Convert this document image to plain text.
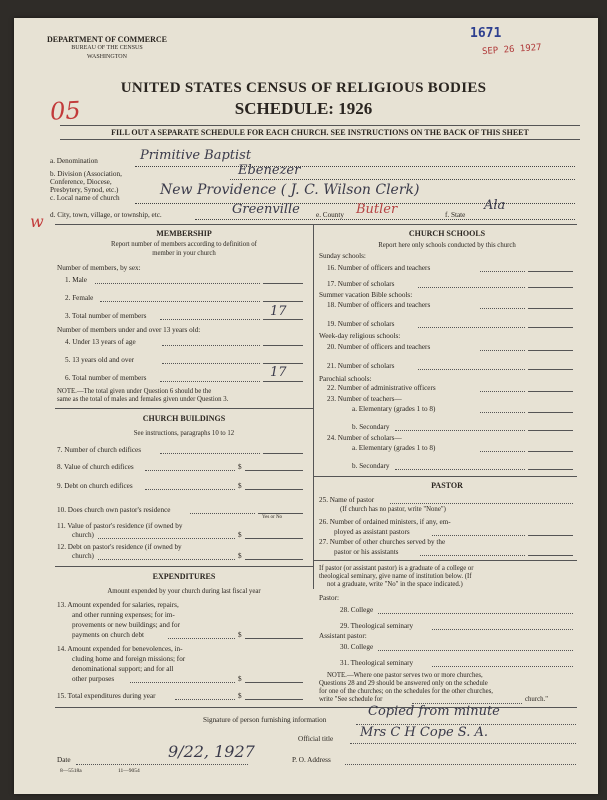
DEPARTMENT OF COMMERCE
BUREAU OF THE CENSUS
WASHINGTON
1671
SEP 26 1927
UNITED STATES CENSUS OF RELIGIOUS BODIES
SCHEDULE: 1926
05
FILL OUT A SEPARATE SCHEDULE FOR EACH CHURCH. SEE INSTRUCTIONS ON THE BACK OF THIS SHEET
a. Denomination	Primitive Baptist
b. Division (Association, Conference, Diocese, Presbytery, Synod, etc.)
Ebenezer
c. Local name of church	New Providence ( J. C. Wilson Clerk)
d. City, town, village, or township, etc.	Greenville e. County Butler	f. State
Ala
w
MEMBERSHIP
Report number of members according to definition of
member in your church
Number of members, by sex:
1. Male
2. Female
3. Total number of members	17
Number of members under and over 13 years old:
4. Under 13 years of age
5. 13 years old and over
6. Total number of members	17
NOTE.—The total given under Question 6 should be the
same as the total of males and females given under Question 3.
CHURCH BUILDINGS
See instructions, paragraphs 10 to 12
7. Number of church edifices
8. Value of church edifices	$
9. Debt on church edifices	$
10. Does church own pastor's residence
Yes or No
11. Value of pastor's residence (if owned by
church)	$
12. Debt on pastor's residence (if owned by
church)	$
EXPENDITURES
Amount expended by your church during last fiscal year
13. Amount expended for salaries, repairs,
and other running expenses; for im-
provements or new buildings; and for
payments on church debt	$
14. Amount expended for benevolences, in-
cluding home and foreign missions; for
denominational support; and for all
other purposes	$
15. Total expenditures during year	$
CHURCH SCHOOLS
Report here only schools conducted by this church
Sunday schools:
16. Number of officers and teachers
17. Number of scholars
Summer vacation Bible schools:
18. Number of officers and teachers
19. Number of scholars
Week-day religious schools:
20. Number of officers and teachers
21. Number of scholars
Parochial schools:
22. Number of administrative officers
23. Number of teachers—
a. Elementary (grades 1 to 8)
b. Secondary
24. Number of scholars—
a. Elementary (grades 1 to 8)
b. Secondary
PASTOR
25. Name of pastor
(If church has no pastor, write "None")
26. Number of ordained ministers, if any, em-
ployed as assistant pastors
27. Number of other churches served by the
pastor or his assistants
If pastor (or assistant pastor) is a graduate of a college or
theological seminary, give name of institution below. (If
not a graduate, write "No" in the space indicated.)
Pastor:
28. College
29. Theological seminary
Assistant pastor:
30. College
31. Theological seminary
NOTE.—Where one pastor serves two or more churches,
Questions 28 and 29 should be answered only on the schedule
for one of the churches; on the schedules for the other churches,
write "See schedule for	church."
Signature of person furnishing information
Copied from minute
Official title Mrs C H Cope S. A.
Date	9/22, 1927	P. O. Address
8—5518a	11—9054
